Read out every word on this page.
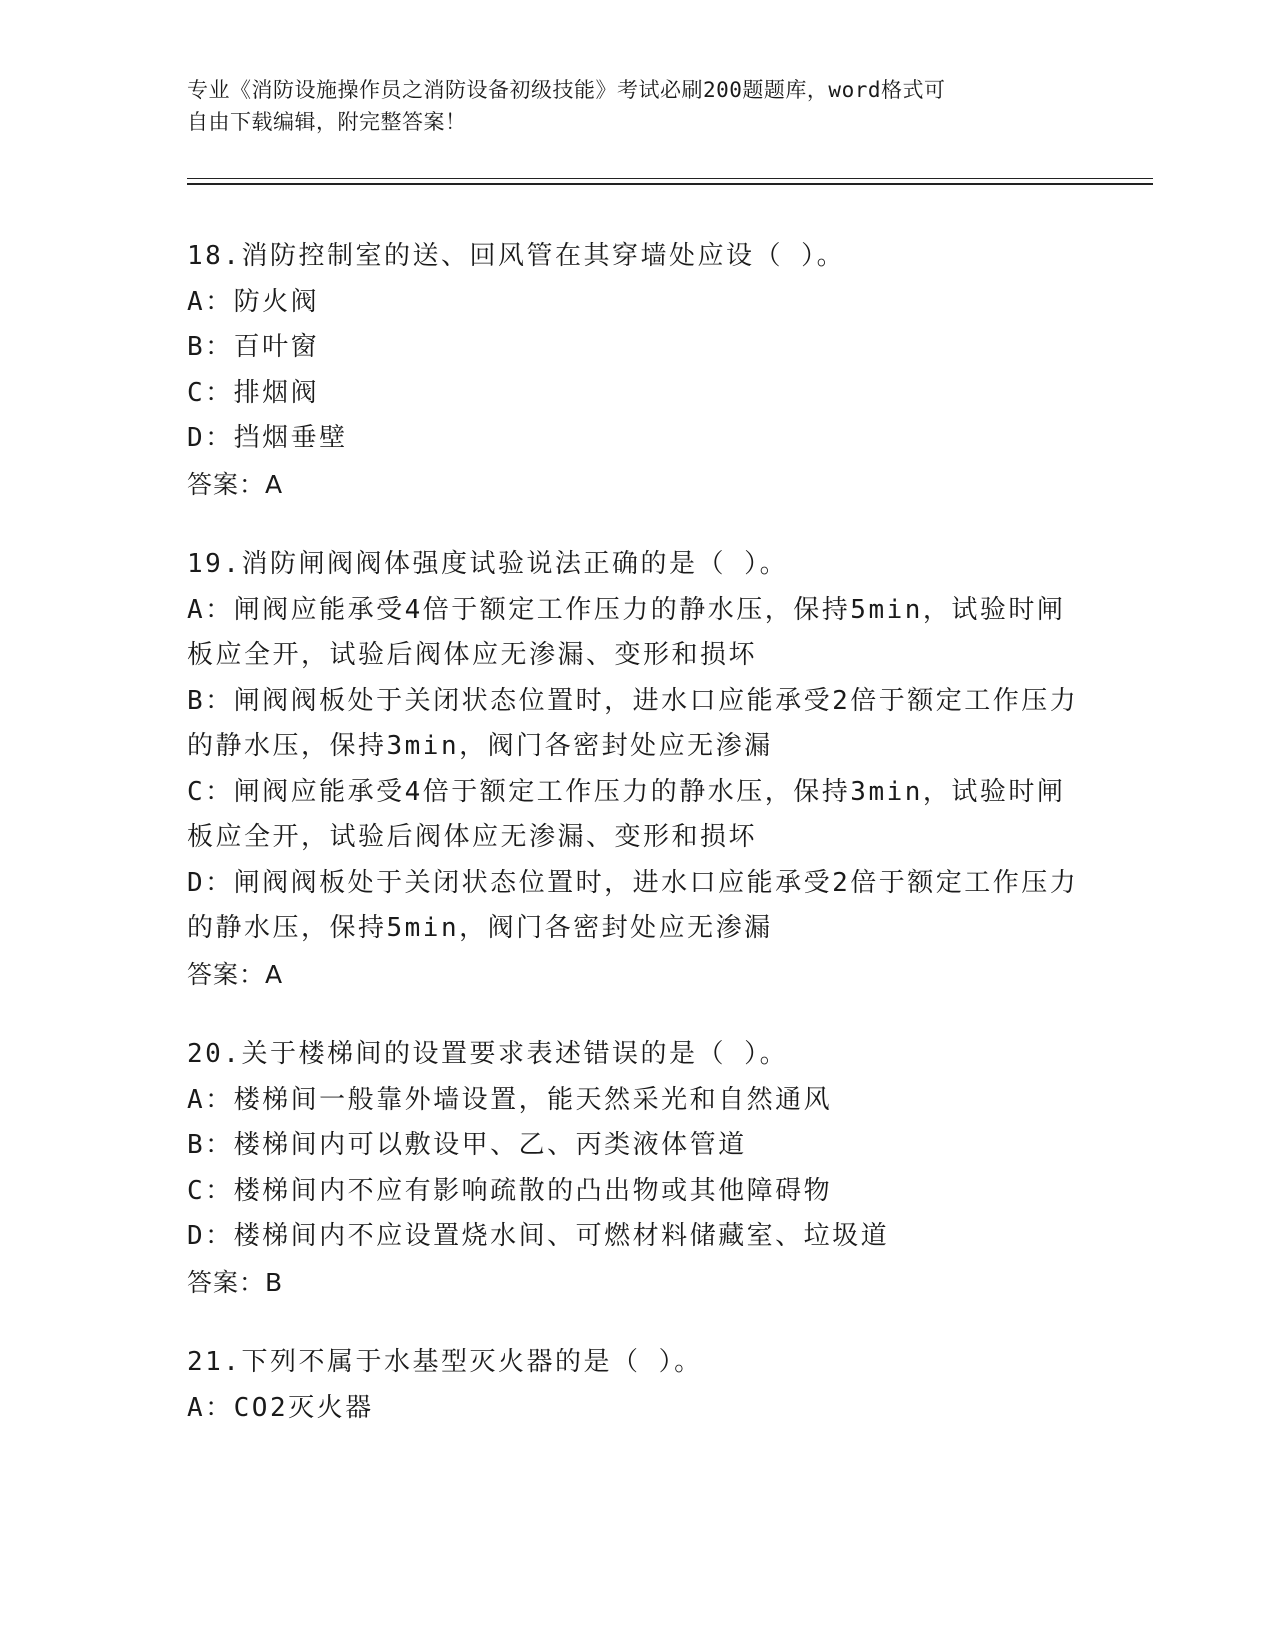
专业《消防设施操作员之消防设备初级技能》考试必刷200题题库，word格式可
自由下载编辑，附完整答案！
18.消防控制室的送、回风管在其穿墙处应设（ ）。
A：防火阀
B：百叶窗
C：排烟阀
D：挡烟垂壁
答案：A
19.消防闸阀阀体强度试验说法正确的是（ ）。
A：闸阀应能承受4倍于额定工作压力的静水压，保持5min，试验时闸板应全开，试验后阀体应无渗漏、变形和损坏
B：闸阀阀板处于关闭状态位置时，进水口应能承受2倍于额定工作压力的静水压，保持3min，阀门各密封处应无渗漏
C：闸阀应能承受4倍于额定工作压力的静水压，保持3min，试验时闸板应全开，试验后阀体应无渗漏、变形和损坏
D：闸阀阀板处于关闭状态位置时，进水口应能承受2倍于额定工作压力的静水压，保持5min，阀门各密封处应无渗漏
答案：A
20.关于楼梯间的设置要求表述错误的是（ ）。
A：楼梯间一般靠外墙设置，能天然采光和自然通风
B：楼梯间内可以敷设甲、乙、丙类液体管道
C：楼梯间内不应有影响疏散的凸出物或其他障碍物
D：楼梯间内不应设置烧水间、可燃材料储藏室、垃圾道
答案：B
21.下列不属于水基型灭火器的是（ ）。
A：CO2灭火器
